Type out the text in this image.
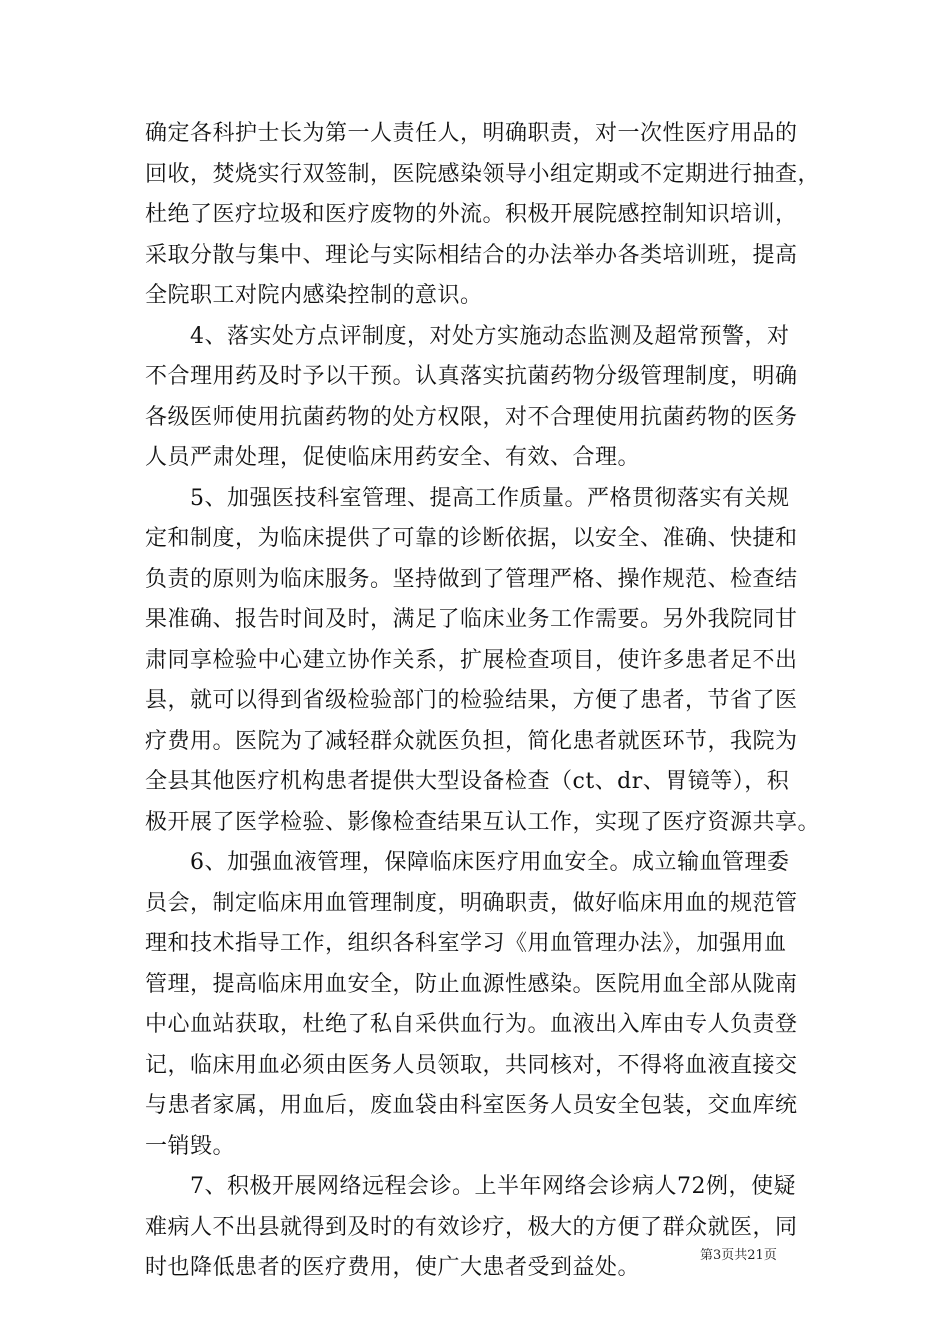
确定各科护士长为第一人责任人，明确职责，对一次性医疗用品的
回收，焚烧实行双签制，医院感染领导小组定期或不定期进行抽查，
杜绝了医疗垃圾和医疗废物的外流。积极开展院感控制知识培训，
采取分散与集中、理论与实际相结合的办法举办各类培训班，提高
全院职工对院内感染控制的意识。
　　4、落实处方点评制度，对处方实施动态监测及超常预警，对
不合理用药及时予以干预。认真落实抗菌药物分级管理制度，明确
各级医师使用抗菌药物的处方权限，对不合理使用抗菌药物的医务
人员严肃处理，促使临床用药安全、有效、合理。
　　5、加强医技科室管理、提高工作质量。严格贯彻落实有关规
定和制度，为临床提供了可靠的诊断依据，以安全、准确、快捷和
负责的原则为临床服务。坚持做到了管理严格、操作规范、检查结
果准确、报告时间及时，满足了临床业务工作需要。另外我院同甘
肃同享检验中心建立协作关系，扩展检查项目，使许多患者足不出
县，就可以得到省级检验部门的检验结果，方便了患者，节省了医
疗费用。医院为了减轻群众就医负担，简化患者就医环节，我院为
全县其他医疗机构患者提供大型设备检查（ct、dr、胃镜等），积
极开展了医学检验、影像检查结果互认工作，实现了医疗资源共享。
　　6、加强血液管理，保障临床医疗用血安全。成立输血管理委
员会，制定临床用血管理制度，明确职责，做好临床用血的规范管
理和技术指导工作，组织各科室学习《用血管理办法》，加强用血
管理，提高临床用血安全，防止血源性感染。医院用血全部从陇南
中心血站获取，杜绝了私自采供血行为。血液出入库由专人负责登
记，临床用血必须由医务人员领取，共同核对，不得将血液直接交
与患者家属，用血后，废血袋由科室医务人员安全包装，交血库统
一销毁。
　　7、积极开展网络远程会诊。上半年网络会诊病人72例，使疑
难病人不出县就得到及时的有效诊疗，极大的方便了群众就医，同
时也降低患者的医疗费用，使广大患者受到益处。	第3页共21页
